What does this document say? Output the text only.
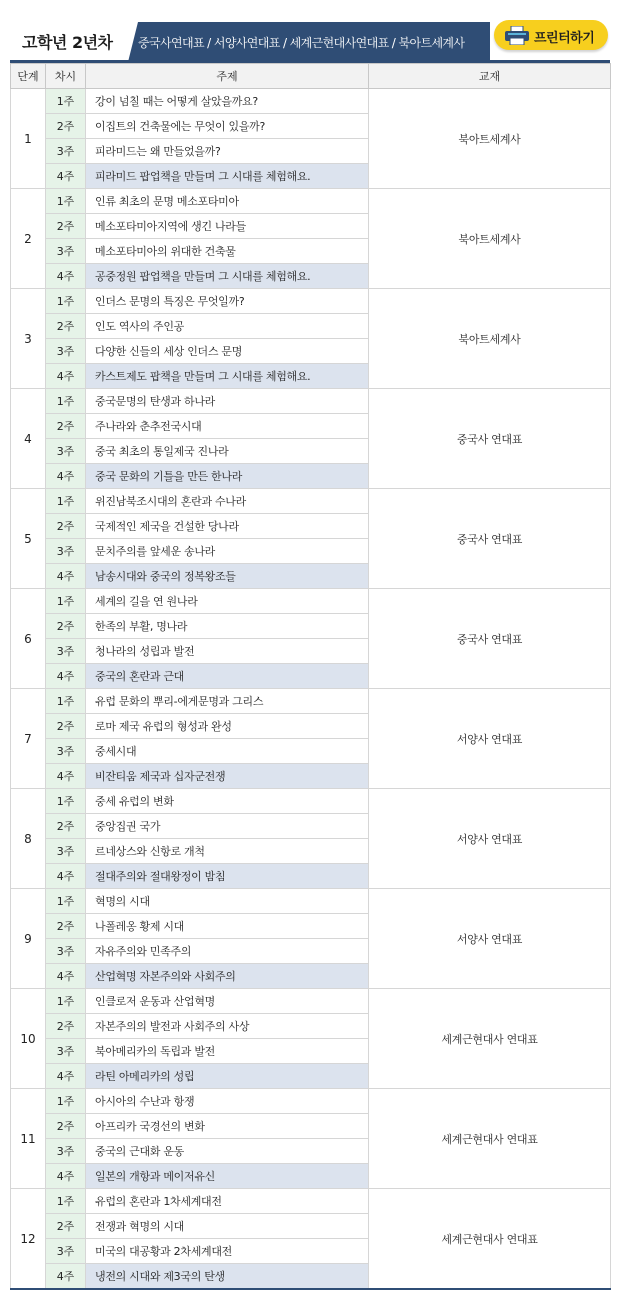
고학년 2년차 중국사연대표 / 서양사연대표 / 세계근현대사연대표 / 북아트세계사	프린터하기
단계	차시	주제	교재
1	1주	강이 넘칠 때는 어떻게 살았을까요?	북아트세계사
	2주	이집트의 건축물에는 무엇이 있을까?	
	3주	피라미드는 왜 만들었을까?	
	4주	피라미드 팝업책을 만들며 그 시대를 체험해요.	
2	1주	인류 최초의 문명 메소포타미아	북아트세계사
	2주	메소포타미아지역에 생긴 나라들	
	3주	메소포타미아의 위대한 건축물	
	4주	공중정원 팝업책을 만들며 그 시대를 체험해요.	
3	1주	인더스 문명의 특징은 무엇일까?	북아트세계사
	2주	인도 역사의 주인공	
	3주	다양한 신들의 세상 인더스 문명	
	4주	카스트제도 팝책을 만들며 그 시대를 체험해요.	
4	1주	중국문명의 탄생과 하나라	중국사 연대표
	2주	주나라와 춘추전국시대	
	3주	중국 최초의 통일제국 진나라	
	4주	중국 문화의 기틀을 만든 한나라	
5	1주	위진남북조시대의 혼란과 수나라	중국사 연대표
	2주	국제적인 제국을 건설한 당나라	
	3주	문치주의를 앞세운 송나라	
	4주	남송시대와 중국의 정복왕조들	
6	1주	세계의 길을 연 원나라	중국사 연대표
	2주	한족의 부활, 명나라	
	3주	청나라의 성립과 발전	
	4주	중국의 혼란과 근대	
7	1주	유럽 문화의 뿌리-에게문명과 그리스	서양사 연대표
	2주	로마 제국 유럽의 형성과 완성	
	3주	중세시대	
	4주	비잔티움 제국과 십자군전쟁	
8	1주	중세 유럽의 변화	서양사 연대표
	2주	중앙집권 국가	
	3주	르네상스와 신항로 개척	
	4주	절대주의와 절대왕정이 밤침	
9	1주	혁명의 시대	서양사 연대표
	2주	나폴레옹 황제 시대	
	3주	자유주의와 민족주의	
	4주	산업혁명 자본주의와 사회주의	
10	1주	인클로저 운동과 산업혁명	세계근현대사 연대표
	2주	자본주의의 발전과 사회주의 사상	
	3주	북아메리카의 독립과 발전	
	4주	라틴 아메리카의 성립	
11	1주	아시아의 수난과 항쟁	세계근현대사 연대표
	2주	아프리카 국경선의 변화	
	3주	중국의 근대화 운동	
	4주	일본의 개항과 메이저유신	
12	1주	유럽의 혼란과 1차세계대전	세계근현대사 연대표
	2주	전쟁과 혁명의 시대	
	3주	미국의 대공황과 2차세계대전	
	4주	냉전의 시대와 제3국의 탄생	
